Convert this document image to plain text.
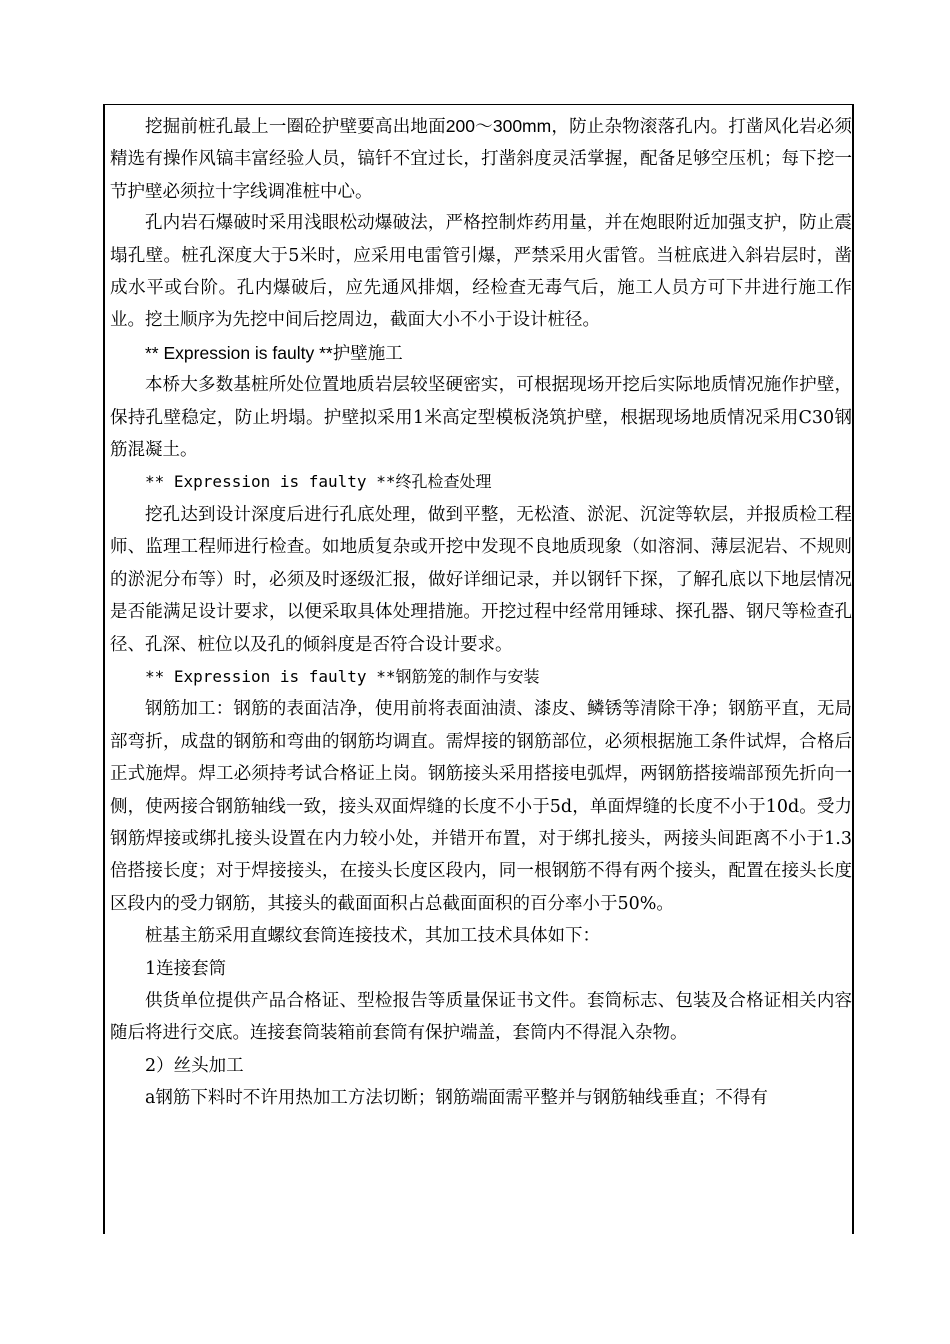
挖掘前桩孔最上一圈砼护壁要高出地面200～300mm，防止杂物滚落孔内。打凿风化岩必须精选有操作风镐丰富经验人员，镐钎不宜过长，打凿斜度灵活掌握，配备足够空压机；每下挖一节护壁必须拉十字线调准桩中心。

孔内岩石爆破时采用浅眼松动爆破法，严格控制炸药用量，并在炮眼附近加强支护，防止震塌孔壁。桩孔深度大于5米时，应采用电雷管引爆，严禁采用火雷管。当桩底进入斜岩层时，凿成水平或台阶。孔内爆破后，应先通风排烟，经检查无毒气后，施工人员方可下井进行施工作业。挖土顺序为先挖中间后挖周边，截面大小不小于设计桩径。

** Expression is faulty **护壁施工

本桥大多数基桩所处位置地质岩层较坚硬密实，可根据现场开挖后实际地质情况施作护壁，保持孔壁稳定，防止坍塌。护壁拟采用1米高定型模板浇筑护壁，根据现场地质情况采用C30钢筋混凝土。

** Expression is faulty **终孔检查处理

挖孔达到设计深度后进行孔底处理，做到平整，无松渣、淤泥、沉淀等软层，并报质检工程师、监理工程师进行检查。如地质复杂或开挖中发现不良地质现象（如溶洞、薄层泥岩、不规则的淤泥分布等）时，必须及时逐级汇报，做好详细记录，并以钢钎下探，了解孔底以下地层情况是否能满足设计要求，以便采取具体处理措施。开挖过程中经常用锤球、探孔器、钢尺等检查孔径、孔深、桩位以及孔的倾斜度是否符合设计要求。

** Expression is faulty **钢筋笼的制作与安装

钢筋加工：钢筋的表面洁净，使用前将表面油渍、漆皮、鳞锈等清除干净；钢筋平直，无局部弯折，成盘的钢筋和弯曲的钢筋均调直。需焊接的钢筋部位，必须根据施工条件试焊，合格后正式施焊。焊工必须持考试合格证上岗。钢筋接头采用搭接电弧焊，两钢筋搭接端部预先折向一侧，使两接合钢筋轴线一致，接头双面焊缝的长度不小于5d，单面焊缝的长度不小于10d。受力钢筋焊接或绑扎接头设置在内力较小处，并错开布置，对于绑扎接头，两接头间距离不小于1.3倍搭接长度；对于焊接接头，在接头长度区段内，同一根钢筋不得有两个接头，配置在接头长度区段内的受力钢筋，其接头的截面面积占总截面面积的百分率小于50%。

桩基主筋采用直螺纹套筒连接技术，其加工技术具体如下：

1连接套筒

供货单位提供产品合格证、型检报告等质量保证书文件。套筒标志、包装及合格证相关内容随后将进行交底。连接套筒装箱前套筒有保护端盖，套筒内不得混入杂物。

2）丝头加工

a钢筋下料时不许用热加工方法切断；钢筋端面需平整并与钢筋轴线垂直；不得有
